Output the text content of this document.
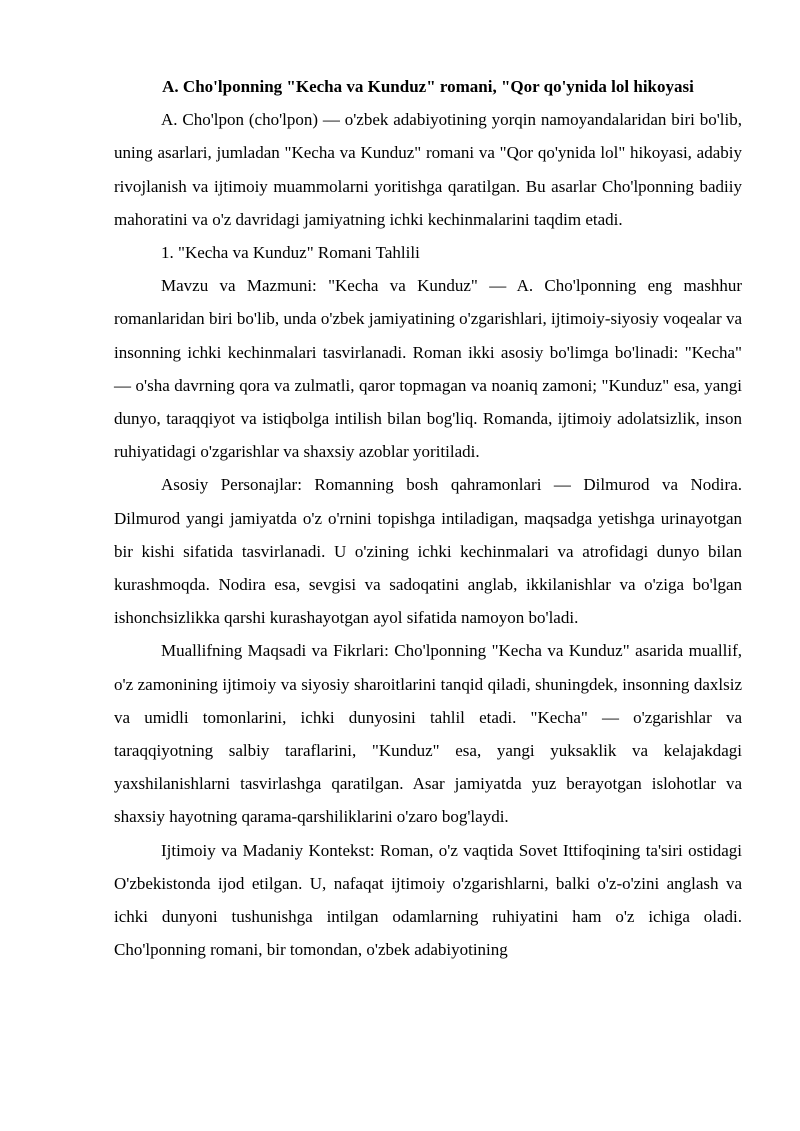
A. Cho'lponning "Kecha va Kunduz" romani, "Qor qo'ynida lol hikoyasi

A. Cho'lpon (cho'lpon) — o'zbek adabiyotining yorqin namoyandalaridan biri bo'lib, uning asarlari, jumladan "Kecha va Kunduz" romani va "Qor qo'ynida lol" hikoyasi, adabiy rivojlanish va ijtimoiy muammolarni yoritishga qaratilgan. Bu asarlar Cho'lponning badiiy mahoratini va o'z davridagi jamiyatning ichki kechinmalarini taqdim etadi.

1. "Kecha va Kunduz" Romani Tahlili

Mavzu va Mazmuni: "Kecha va Kunduz" — A. Cho'lponning eng mashhur romanlaridan biri bo'lib, unda o'zbek jamiyatining o'zgarishlari, ijtimoiy-siyosiy voqealar va insonning ichki kechinmalari tasvirlanadi. Roman ikki asosiy bo'limga bo'linadi: "Kecha" — o'sha davrning qora va zulmatli, qaror topmagan va noaniq zamoni; "Kunduz" esa, yangi dunyo, taraqqiyot va istiqbolga intilish bilan bog'liq. Romanda, ijtimoiy adolatsizlik, inson ruhiyatidagi o'zgarishlar va shaxsiy azoblar yoritiladi.

Asosiy Personajlar: Romanning bosh qahramonlari — Dilmurod va Nodira. Dilmurod yangi jamiyatda o'z o'rnini topishga intiladigan, maqsadga yetishga urinayotgan bir kishi sifatida tasvirlanadi. U o'zining ichki kechinmalari va atrofidagi dunyo bilan kurashmoqda. Nodira esa, sevgisi va sadoqatini anglab, ikkilanishlar va o'ziga bo'lgan ishonchsizlikka qarshi kurashayotgan ayol sifatida namoyon bo'ladi.

Muallifning Maqsadi va Fikrlari: Cho'lponning "Kecha va Kunduz" asarida muallif, o'z zamonining ijtimoiy va siyosiy sharoitlarini tanqid qiladi, shuningdek, insonning daxlsiz va umidli tomonlarini, ichki dunyosini tahlil etadi. "Kecha" — o'zgarishlar va taraqqiyotning salbiy taraflarini, "Kunduz" esa, yangi yuksaklik va kelajakdagi yaxshilanishlarni tasvirlashga qaratilgan. Asar jamiyatda yuz berayotgan islohotlar va shaxsiy hayotning qarama-qarshiliklarini o'zaro bog'laydi.

Ijtimoiy va Madaniy Kontekst: Roman, o'z vaqtida Sovet Ittifoqining ta'siri ostidagi O'zbekistonda ijod etilgan. U, nafaqat ijtimoiy o'zgarishlarni, balki o'z-o'zini anglash va ichki dunyoni tushunishga intilgan odamlarning ruhiyatini ham o'z ichiga oladi. Cho'lponning romani, bir tomondan, o'zbek adabiyotining
